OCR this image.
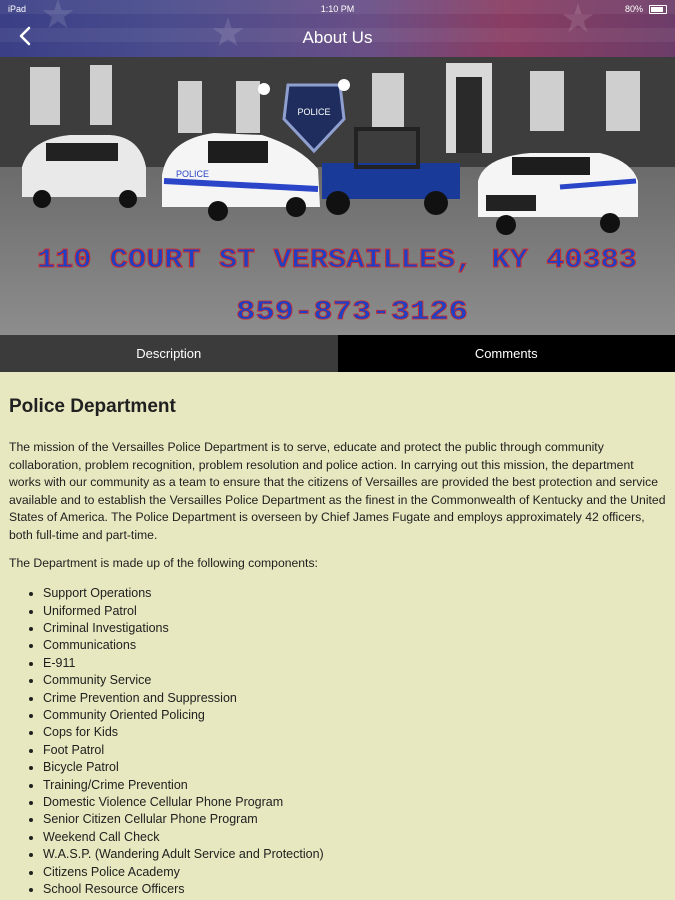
★	★	★
About Us
iPad	1:10 PM	80%
POLICE
POLICE
110 COURT ST VERSAILLES, KY 40383
859-873-3126
Description	Comments
Police Department

The mission of the Versailles Police Department is to serve, educate and protect the public through community collaboration, problem recognition, problem resolution and police action. In carrying out this mission, the department works with our community as a team to ensure that the citizens of Versailles are provided the best protection and service available and to establish the Versailles Police Department as the finest in the Commonwealth of Kentucky and the United States of America. The Police Department is overseen by Chief James Fugate and employs approximately 42 officers, both full-time and part-time.

The Department is made up of the following components:

• Support Operations
• Uniformed Patrol
• Criminal Investigations
• Communications
• E-911
• Community Service
• Crime Prevention and Suppression
• Community Oriented Policing
• Cops for Kids
• Foot Patrol
• Bicycle Patrol
• Training/Crime Prevention
• Domestic Violence Cellular Phone Program
• Senior Citizen Cellular Phone Program
• Weekend Call Check
• W.A.S.P. (Wandering Adult Service and Protection)
• Citizens Police Academy
• School Resource Officers
